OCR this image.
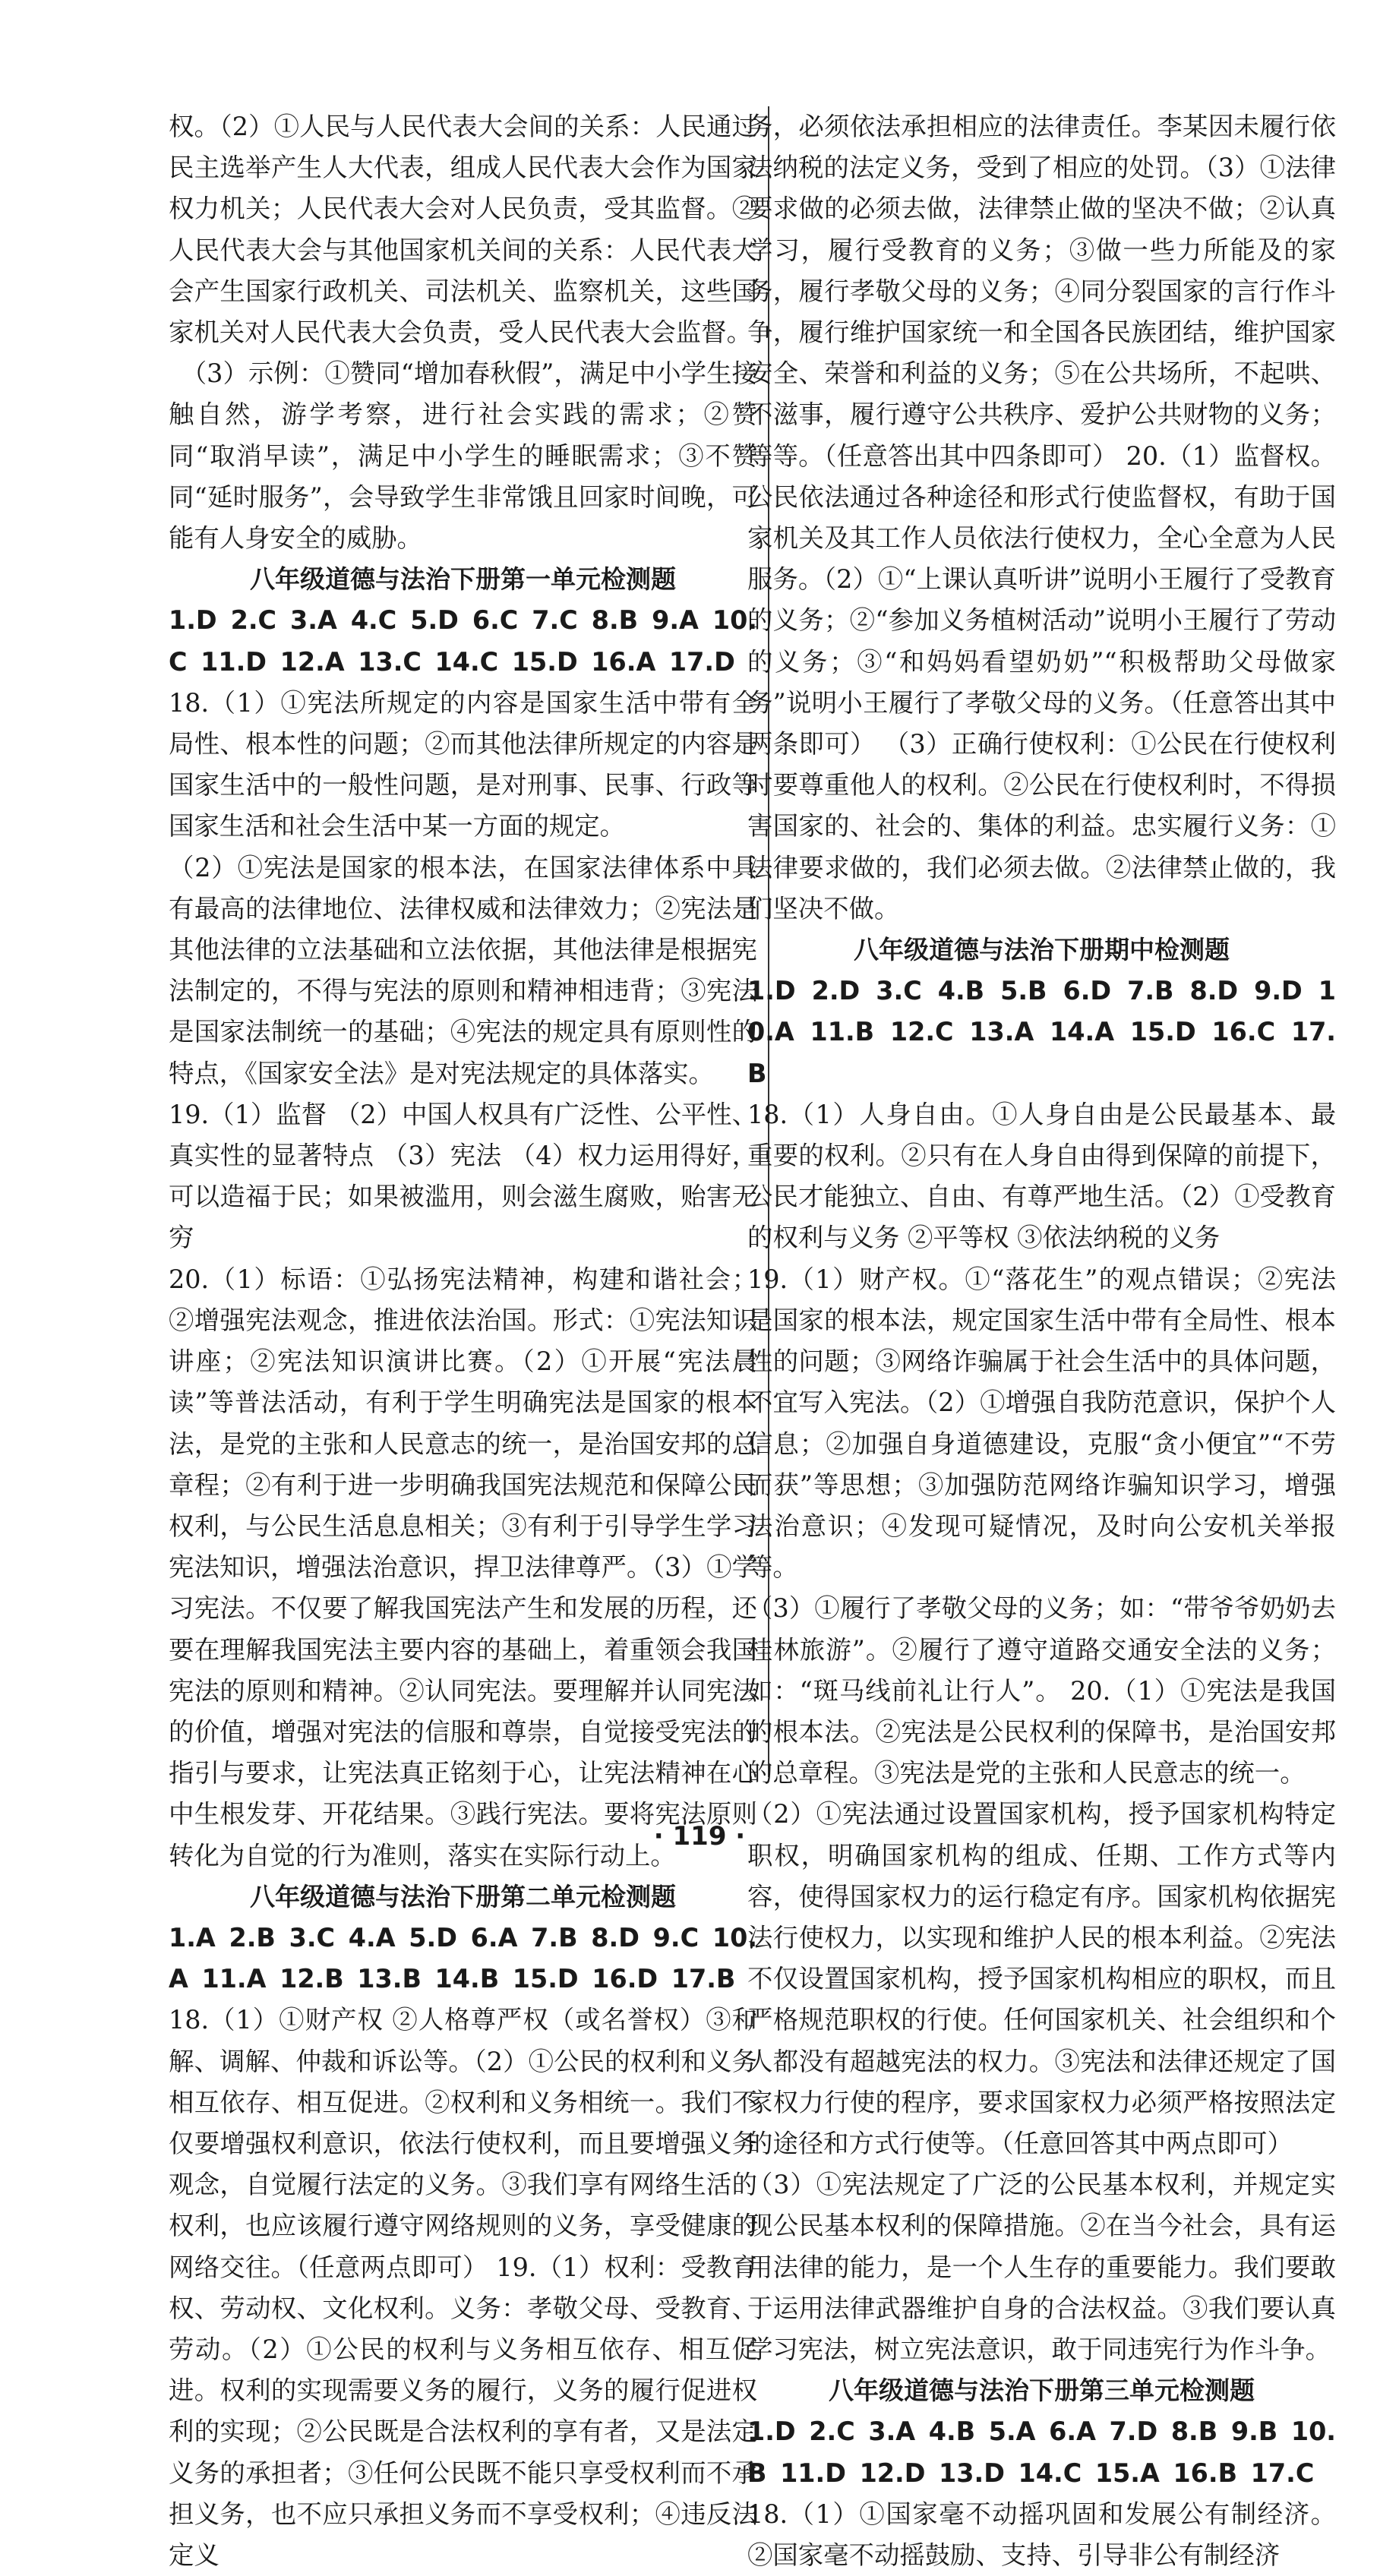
权。（2）①人民与人民代表大会间的关系：人民通过民主选举产生人大代表，组成人民代表大会作为国家权力机关；人民代表大会对人民负责，受其监督。②人民代表大会与其他国家机关间的关系：人民代表大会产生国家行政机关、司法机关、监察机关，这些国家机关对人民代表大会负责，受人民代表大会监督。

（3）示例：①赞同“增加春秋假”，满足中小学生接触自然，游学考察，进行社会实践的需求；②赞同“取消早读”，满足中小学生的睡眠需求；③不赞同“延时服务”，会导致学生非常饿且回家时间晚，可能有人身安全的威胁。

八年级道德与法治下册第一单元检测题

1.D 2.C 3.A 4.C 5.D 6.C 7.C 8.B 9.A 10.C 11.D 12.A 13.C 14.C 15.D 16.A 17.D

18.（1）①宪法所规定的内容是国家生活中带有全局性、根本性的问题；②而其他法律所规定的内容是国家生活中的一般性问题，是对刑事、民事、行政等国家生活和社会生活中某一方面的规定。

（2）①宪法是国家的根本法，在国家法律体系中具有最高的法律地位、法律权威和法律效力；②宪法是其他法律的立法基础和立法依据，其他法律是根据宪法制定的，不得与宪法的原则和精神相违背；③宪法是国家法制统一的基础；④宪法的规定具有原则性的特点，《国家安全法》是对宪法规定的具体落实。

19.（1）监督 （2）中国人权具有广泛性、公平性、真实性的显著特点 （3）宪法 （4）权力运用得好，可以造福于民；如果被滥用，则会滋生腐败，贻害无穷

20.（1）标语：①弘扬宪法精神，构建和谐社会；②增强宪法观念，推进依法治国。形式：①宪法知识讲座；②宪法知识演讲比赛。（2）①开展“宪法晨读”等普法活动，有利于学生明确宪法是国家的根本法，是党的主张和人民意志的统一，是治国安邦的总章程；②有利于进一步明确我国宪法规范和保障公民权利，与公民生活息息相关；③有利于引导学生学习宪法知识，增强法治意识，捍卫法律尊严。（3）①学习宪法。不仅要了解我国宪法产生和发展的历程，还要在理解我国宪法主要内容的基础上，着重领会我国宪法的原则和精神。②认同宪法。要理解并认同宪法的价值，增强对宪法的信服和尊崇，自觉接受宪法的指引与要求，让宪法真正铭刻于心，让宪法精神在心中生根发芽、开花结果。③践行宪法。要将宪法原则转化为自觉的行为准则，落实在实际行动上。

八年级道德与法治下册第二单元检测题

1.A 2.B 3.C 4.A 5.D 6.A 7.B 8.D 9.C 10.A 11.A 12.B 13.B 14.B 15.D 16.D 17.B

18.（1）①财产权 ②人格尊严权（或名誉权）③和解、调解、仲裁和诉讼等。（2）①公民的权利和义务相互依存、相互促进。②权利和义务相统一。我们不仅要增强权利意识，依法行使权利，而且要增强义务观念，自觉履行法定的义务。③我们享有网络生活的权利，也应该履行遵守网络规则的义务，享受健康的网络交往。（任意两点即可） 19.（1）权利：受教育权、劳动权、文化权利。义务：孝敬父母、受教育、劳动。（2）①公民的权利与义务相互依存、相互促进。权利的实现需要义务的履行，义务的履行促进权利的实现；②公民既是合法权利的享有者，又是法定义务的承担者；③任何公民既不能只享受权利而不承担义务，也不应只承担义务而不享受权利；④违反法定义

务，必须依法承担相应的法律责任。李某因未履行依法纳税的法定义务，受到了相应的处罚。（3）①法律要求做的必须去做，法律禁止做的坚决不做；②认真学习，履行受教育的义务；③做一些力所能及的家务，履行孝敬父母的义务；④同分裂国家的言行作斗争，履行维护国家统一和全国各民族团结，维护国家安全、荣誉和利益的义务；⑤在公共场所，不起哄、不滋事，履行遵守公共秩序、爱护公共财物的义务；等等。（任意答出其中四条即可） 20.（1）监督权。公民依法通过各种途径和形式行使监督权，有助于国家机关及其工作人员依法行使权力，全心全意为人民服务。（2）①“上课认真听讲”说明小王履行了受教育的义务；②“参加义务植树活动”说明小王履行了劳动的义务；③“和妈妈看望奶奶”“积极帮助父母做家务”说明小王履行了孝敬父母的义务。（任意答出其中两条即可） （3）正确行使权利：①公民在行使权利时要尊重他人的权利。②公民在行使权利时，不得损害国家的、社会的、集体的利益。忠实履行义务：①法律要求做的，我们必须去做。②法律禁止做的，我们坚决不做。

八年级道德与法治下册期中检测题

1.D 2.D 3.C 4.B 5.B 6.D 7.B 8.D 9.D 10.A 11.B 12.C 13.A 14.A 15.D 16.C 17.B

18.（1）人身自由。①人身自由是公民最基本、最重要的权利。②只有在人身自由得到保障的前提下，公民才能独立、自由、有尊严地生活。（2）①受教育的权利与义务 ②平等权 ③依法纳税的义务

19.（1）财产权。①“落花生”的观点错误；②宪法是国家的根本法，规定国家生活中带有全局性、根本性的问题；③网络诈骗属于社会生活中的具体问题，不宜写入宪法。（2）①增强自我防范意识，保护个人信息；②加强自身道德建设，克服“贪小便宜”“不劳而获”等思想；③加强防范网络诈骗知识学习，增强法治意识；④发现可疑情况，及时向公安机关举报等。

（3）①履行了孝敬父母的义务；如：“带爷爷奶奶去桂林旅游”。②履行了遵守道路交通安全法的义务；如：“斑马线前礼让行人”。 20.（1）①宪法是我国的根本法。②宪法是公民权利的保障书，是治国安邦的总章程。③宪法是党的主张和人民意志的统一。

（2）①宪法通过设置国家机构，授予国家机构特定职权，明确国家机构的组成、任期、工作方式等内容，使得国家权力的运行稳定有序。国家机构依据宪法行使权力，以实现和维护人民的根本利益。②宪法不仅设置国家机构，授予国家机构相应的职权，而且严格规范职权的行使。任何国家机关、社会组织和个人都没有超越宪法的权力。③宪法和法律还规定了国家权力行使的程序，要求国家权力必须严格按照法定的途径和方式行使等。（任意回答其中两点即可）

（3）①宪法规定了广泛的公民基本权利，并规定实现公民基本权利的保障措施。②在当今社会，具有运用法律的能力，是一个人生存的重要能力。我们要敢于运用法律武器维护自身的合法权益。③我们要认真学习宪法，树立宪法意识，敢于同违宪行为作斗争。

八年级道德与法治下册第三单元检测题

1.D 2.C 3.A 4.B 5.A 6.A 7.D 8.B 9.B 10.B 11.D 12.D 13.D 14.C 15.A 16.B 17.C

18.（1）①国家毫不动摇巩固和发展公有制经济。②国家毫不动摇鼓励、支持、引导非公有制经济

· 119 ·
